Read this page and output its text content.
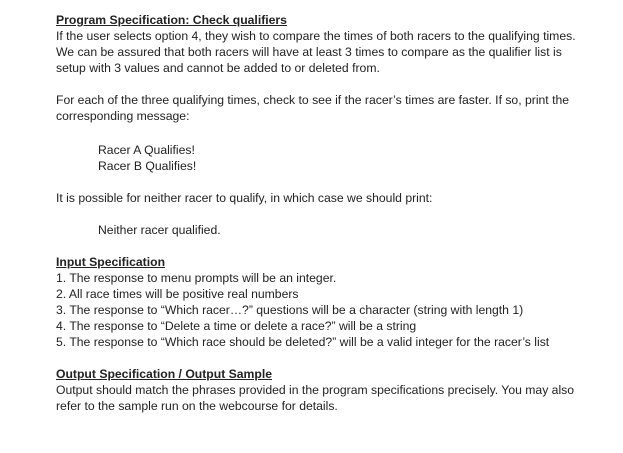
Program Specification: Check qualifiers

If the user selects option 4, they wish to compare the times of both racers to the qualifying times. We can be assured that both racers will have at least 3 times to compare as the qualifier list is setup with 3 values and cannot be added to or deleted from.

For each of the three qualifying times, check to see if the racer’s times are faster. If so, print the corresponding message:

Racer A Qualifies!
Racer B Qualifies!

It is possible for neither racer to qualify, in which case we should print:

Neither racer qualified.
Input Specification

1. The response to menu prompts will be an integer.

2. All race times will be positive real numbers

3. The response to “Which racer…?” questions will be a character (string with length 1)

4. The response to “Delete a time or delete a race?” will be a string

5. The response to “Which race should be deleted?” will be a valid integer for the racer’s list

Output Specification / Output Sample

Output should match the phrases provided in the program specifications precisely. You may also refer to the sample run on the webcourse for details.
